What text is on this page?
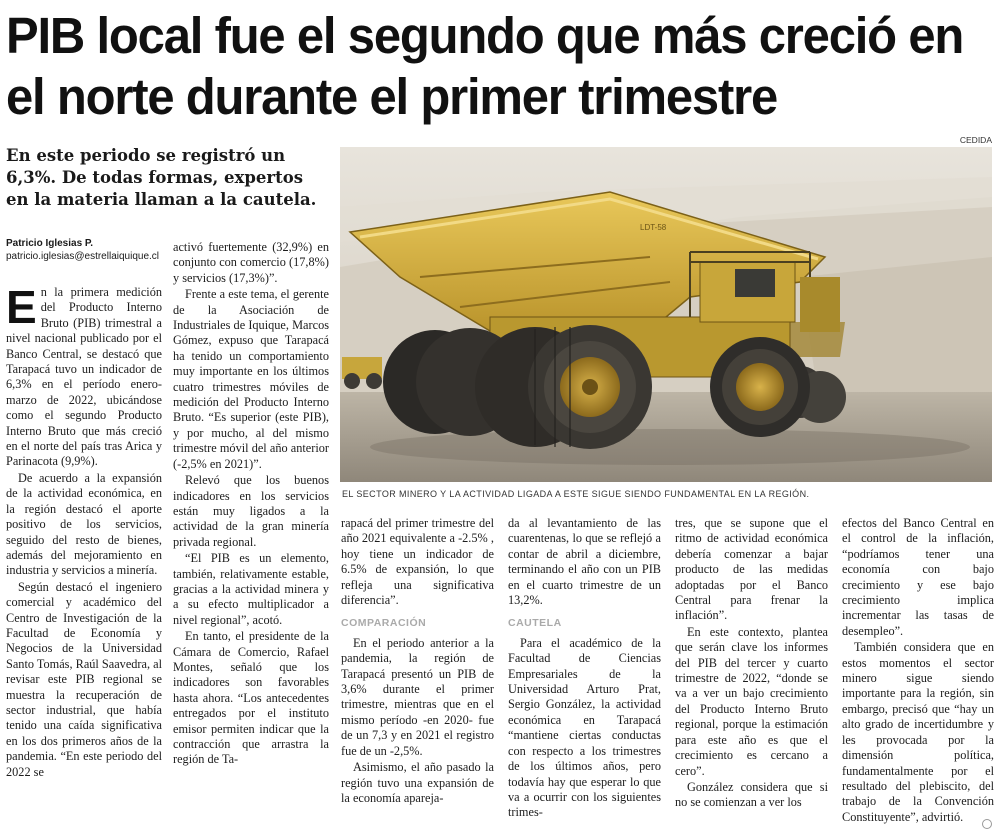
PIB local fue el segundo que más creció en el norte durante el primer trimestre
En este periodo se registró un 6,3%. De todas formas, expertos en la materia llaman a la cautela.
CEDIDA
LDT-58
EL SECTOR MINERO Y LA ACTIVIDAD LIGADA A ESTE SIGUE SIENDO FUNDAMENTAL EN LA REGIÓN.
Patricio Iglesias P.
patricio.iglesias@estrellaiquique.cl

En la primera medición del Producto Interno Bruto (PIB) trimestral a nivel nacional publicado por el Banco Central, se destacó que Tarapacá tuvo un indicador de 6,3% en el período enero-marzo de 2022, ubicándose como el segundo Producto Interno Bruto que más creció en el norte del país tras Arica y Parinacota (9,9%).

De acuerdo a la expansión de la actividad económica, en la región destacó el aporte positivo de los servicios, seguido del resto de bienes, además del mejoramiento en industria y servicios a minería.

Según destacó el ingeniero comercial y académico del Centro de Investigación de la Facultad de Economía y Negocios de la Universidad Santo Tomás, Raúl Saavedra, al revisar este PIB regional se muestra la recuperación de sector industrial, que había tenido una caída significativa en los dos primeros años de la pandemia. “En este periodo del 2022 se

activó fuertemente (32,9%) en conjunto con comercio (17,8%) y servicios (17,3%)”.

Frente a este tema, el gerente de la Asociación de Industriales de Iquique, Marcos Gómez, expuso que Tarapacá ha tenido un comportamiento muy importante en los últimos cuatro trimestres móviles de medición del Producto Interno Bruto. “Es superior (este PIB), y por mucho, al del mismo trimestre móvil del año anterior (-2,5% en 2021)”.

Relevó que los buenos indicadores en los servicios están muy ligados a la actividad de la gran minería privada regional.

“El PIB es un elemento, también, relativamente estable, gracias a la actividad minera y a su efecto multiplicador a nivel regional”, acotó.

En tanto, el presidente de la Cámara de Comercio, Rafael Montes, señaló que los indicadores son favorables hasta ahora. “Los antecedentes entregados por el instituto emisor permiten indicar que la contracción que arrastra la región de Ta-

rapacá del primer trimestre del año 2021 equivalente a -2.5% , hoy tiene un indicador de 6.5% de expansión, lo que refleja una significativa diferencia”.

COMPARACIÓN

En el periodo anterior a la pandemia, la región de Tarapacá presentó un PIB de 3,6% durante el primer trimestre, mientras que en el mismo período -en 2020- fue de un 7,3 y en 2021 el registro fue de un -2,5%.

Asimismo, el año pasado la región tuvo una expansión de la economía apareja-

da al levantamiento de las cuarentenas, lo que se reflejó a contar de abril a diciembre, terminando el año con un PIB en el cuarto trimestre de un 13,2%.

CAUTELA

Para el académico de la Facultad de Ciencias Empresariales de la Universidad Arturo Prat, Sergio González, la actividad económica en Tarapacá “mantiene ciertas conductas con respecto a los trimestres de los últimos años, pero todavía hay que esperar lo que va a ocurrir con los siguientes trimes-

tres, que se supone que el ritmo de actividad económica debería comenzar a bajar producto de las medidas adoptadas por el Banco Central para frenar la inflación”.

En este contexto, plantea que serán clave los informes del PIB del tercer y cuarto trimestre de 2022, “donde se va a ver un bajo crecimiento del Producto Interno Bruto regional, porque la estimación para este año es que el crecimiento es cercano a cero”.

González considera que si no se comienzan a ver los

efectos del Banco Central en el control de la inflación, “podríamos tener una economía con bajo crecimiento y ese bajo crecimiento implica incrementar las tasas de desempleo”.

También considera que en estos momentos el sector minero sigue siendo importante para la región, sin embargo, precisó que “hay un alto grado de incertidumbre y les provocada por la dimensión política, fundamentalmente por el resultado del plebiscito, del trabajo de la Convención Constituyente”, advirtió.
